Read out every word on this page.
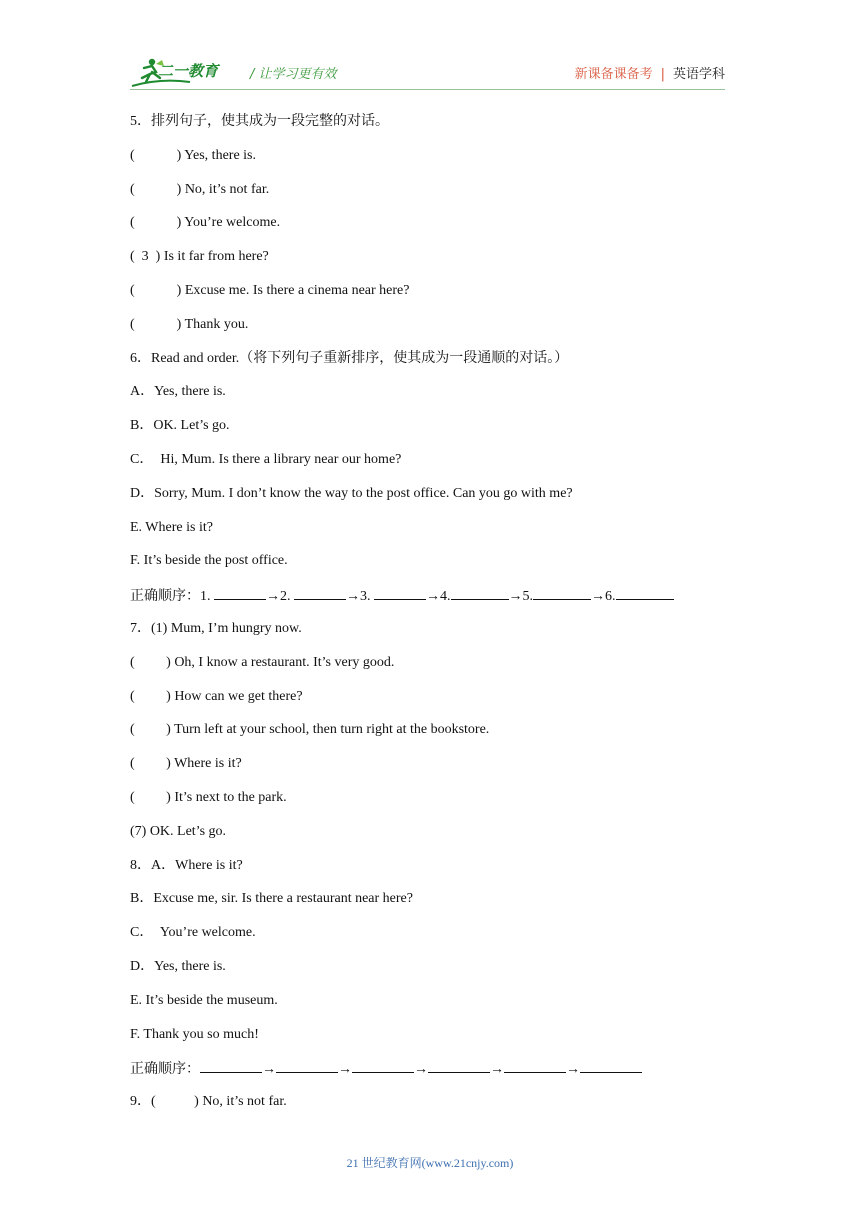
二一教育 / 让学习更有效	新课备课备考 | 英语学科
5．排列句子，使其成为一段完整的对话。
(            ) Yes, there is.
(            ) No, it’s not far.
(            ) You’re welcome.
(  3  ) Is it far from here?
(            ) Excuse me. Is there a cinema near here?
(            ) Thank you.
6．Read and order.（将下列句子重新排序，使其成为一段通顺的对话。）
A．Yes, there is.
B．OK. Let’s go.
C．  Hi, Mum. Is there a library near our home?
D．Sorry, Mum. I don’t know the way to the post office. Can you go with me?
E. Where is it?
F. It’s beside the post office.
正确顺序：1.	→2.	→3.	→4.	→5.	→6.
7．(1) Mum, I’m hungry now.
(         ) Oh, I know a restaurant. It’s very good.
(         ) How can we get there?
(         ) Turn left at your school, then turn right at the bookstore.
(         ) Where is it?
(         ) It’s next to the park.
(7) OK. Let’s go.
8．A．Where is it?
B．Excuse me, sir. Is there a restaurant near here?
C．  You’re welcome.
D．Yes, there is.
E. It’s beside the museum.
F. Thank you so much!
正确顺序：	→	→	→	→	→
9．(           ) No, it’s not far.
21 世纪教育网(www.21cnjy.com)
